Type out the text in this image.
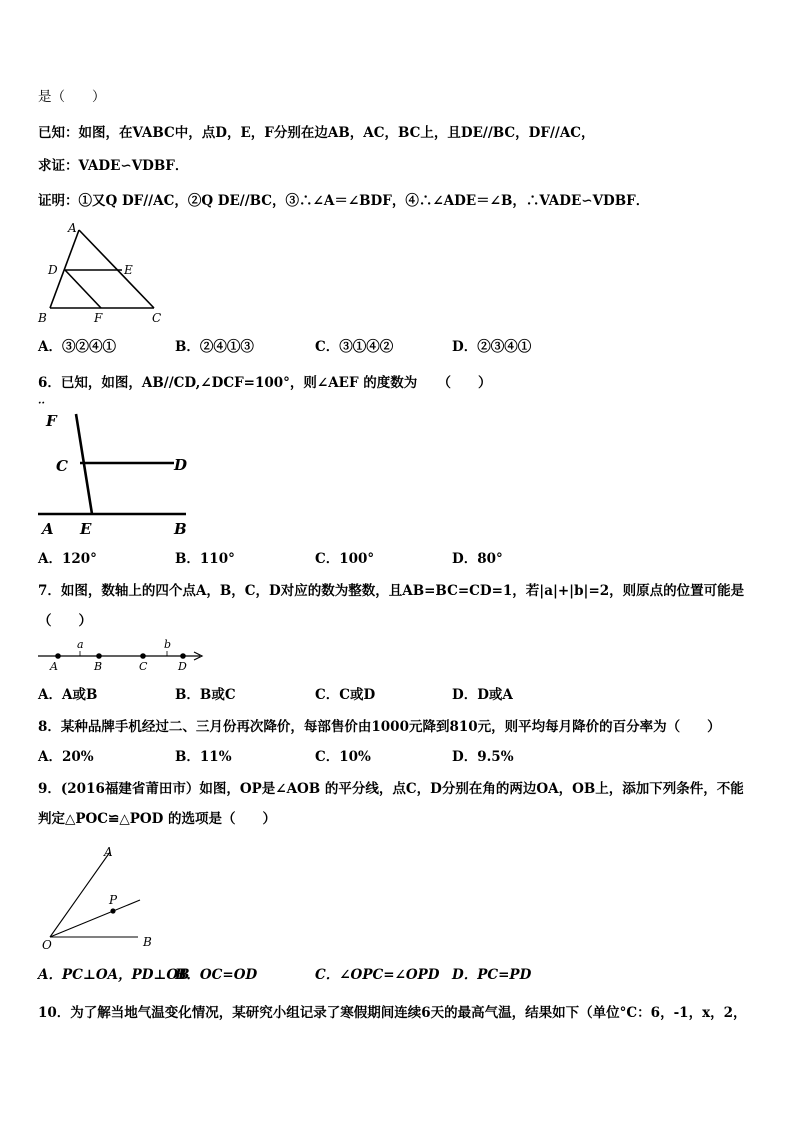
是（　　）
已知：如图，在VABC中，点D，E，F分别在边AB，AC，BC上，且DE//BC，DF//AC，
求证：VADE∽VDBF．
证明：①又Q DF//AC，②Q DE//BC，③∴∠A＝∠BDF，④∴∠ADE＝∠B，∴VADE∽VDBF．
A
D	E
B	F	C
A．③②④①	B．②④①③	C．③①④②	D．②③④①
6．已知，如图，AB//CD,∠DCF=100°，则∠AEF 的度数为　　（　　）
··
F
C	D
A E	B
A．120°	B．110°	C．100°	D．80°
7．如图，数轴上的四个点A，B，C，D对应的数为整数，且AB=BC=CD=1，若|a|+|b|=2，则原点的位置可能是
（　　）
a	b
A	B	C	D
A．A或B	B．B或C	C．C或D	D．D或A
8．某种品牌手机经过二、三月份再次降价，每部售价由1000元降到810元，则平均每月降价的百分率为（　　）
A．20%	B．11%	C．10%	D．9.5%
9．(2016福建省莆田市）如图，OP是∠AOB 的平分线，点C，D分别在角的两边OA，OB上，添加下列条件，不能
判定△POC≌△POD 的选项是（　　）
A
P
O	B
A．PC⊥OA，PD⊥OB
B．OC=OD	C．∠OPC=∠OPD D．PC=PD
10．为了解当地气温变化情况，某研究小组记录了寒假期间连续6天的最高气温，结果如下（单位°C：6，-1，x，2，
